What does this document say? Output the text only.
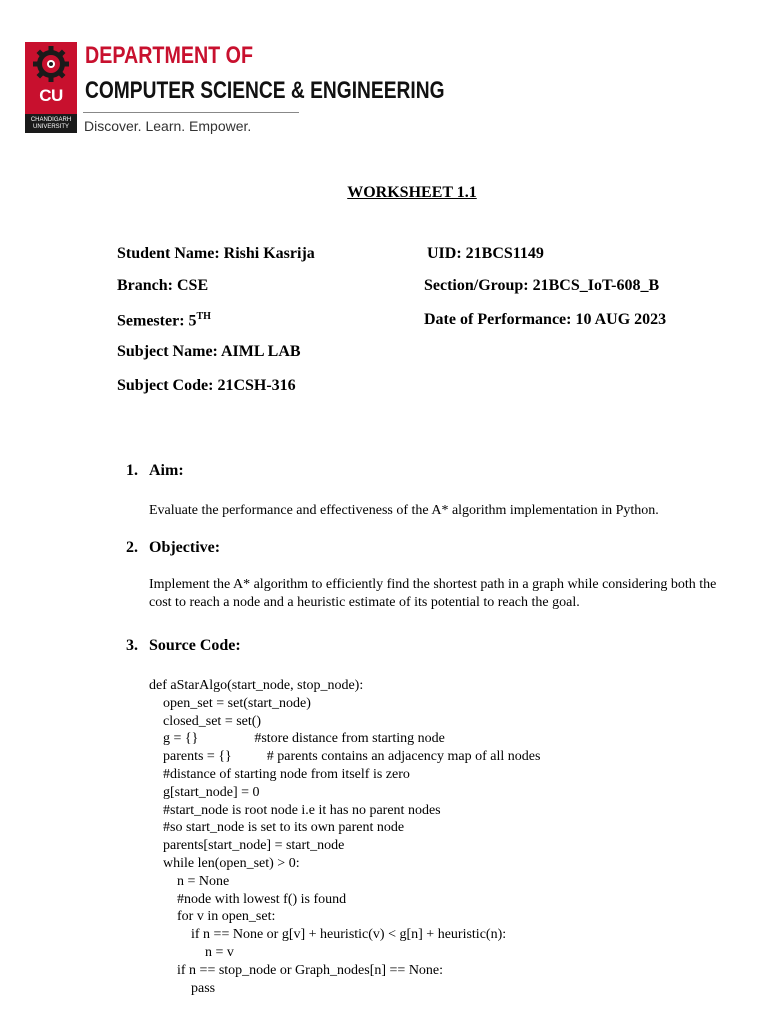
CU
CHANDIGARH
UNIVERSITY
DEPARTMENT OF
COMPUTER SCIENCE & ENGINEERING
Discover. Learn. Empower.
WORKSHEET 1.1
Student Name: Rishi Kasrija	UID: 21BCS1149
Branch: CSE	Section/Group: 21BCS_IoT-608_B
Semester: 5TH	Date of Performance: 10 AUG 2023
Subject Name: AIML LAB
Subject Code: 21CSH-316
1. Aim:
Evaluate the performance and effectiveness of the A* algorithm implementation in Python.
2. Objective:
Implement the A* algorithm to efficiently find the shortest path in a graph while considering both the cost to reach a node and a heuristic estimate of its potential to reach the goal.
3. Source Code:
def aStarAlgo(start_node, stop_node):
open_set = set(start_node)
closed_set = set()
g = {}                #store distance from starting node
parents = {}          # parents contains an adjacency map of all nodes
#distance of starting node from itself is zero
g[start_node] = 0
#start_node is root node i.e it has no parent nodes
#so start_node is set to its own parent node
parents[start_node] = start_node
while len(open_set) > 0:
n = None
#node with lowest f() is found
for v in open_set:
if n == None or g[v] + heuristic(v) < g[n] + heuristic(n):
n = v
if n == stop_node or Graph_nodes[n] == None:
pass
